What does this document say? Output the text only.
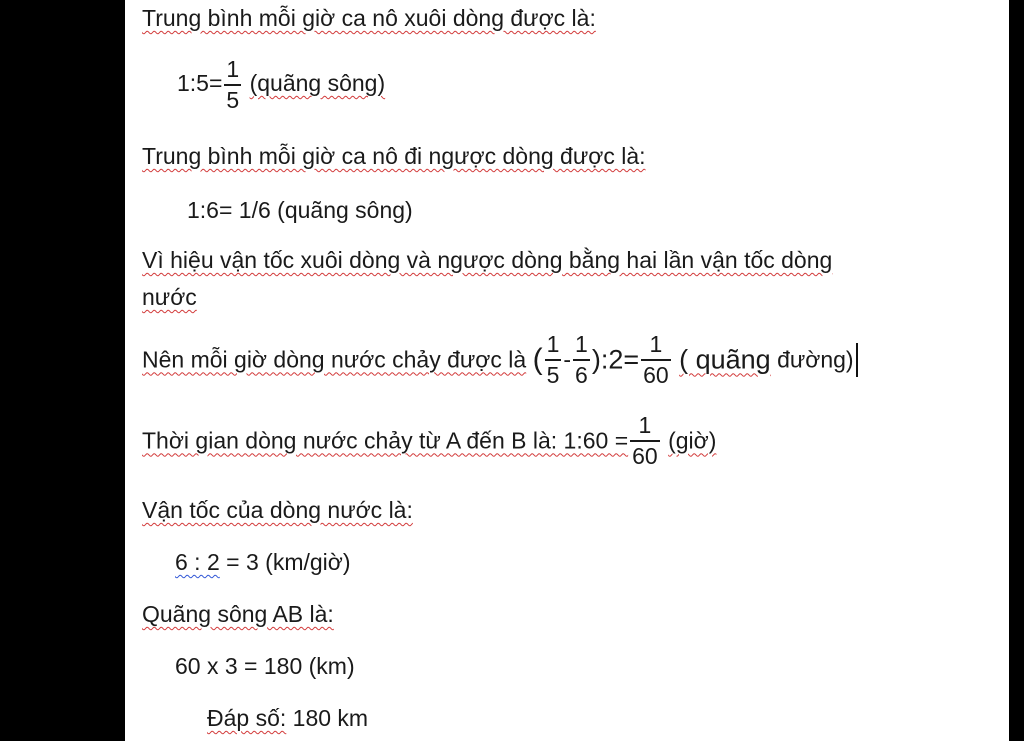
Trung bình mỗi giờ ca nô xuôi dòng được là:
1:5= $\frac{1}{5}$ (quãng sông)
Trung bình mỗi giờ ca nô đi ngược dòng được là:
1:6= 1/6 (quãng sông)
Vì hiệu vận tốc xuôi dòng và ngược dòng bằng hai lần vận tốc dòng
nước
Nên mỗi giờ dòng nước chảy được là ( $\frac{1}{5} - \frac{1}{6}$ ):2= $\frac{1}{60}$ ( quãng đường)
Thời gian dòng nước chảy từ A đến B là: 1:60 = $\frac{1}{60}$ (giờ)
Vận tốc của dòng nước là:
6 : 2 = 3 (km/giờ)
Quãng sông AB là:
60 x 3 = 180 (km)
Đáp số: 180 km
